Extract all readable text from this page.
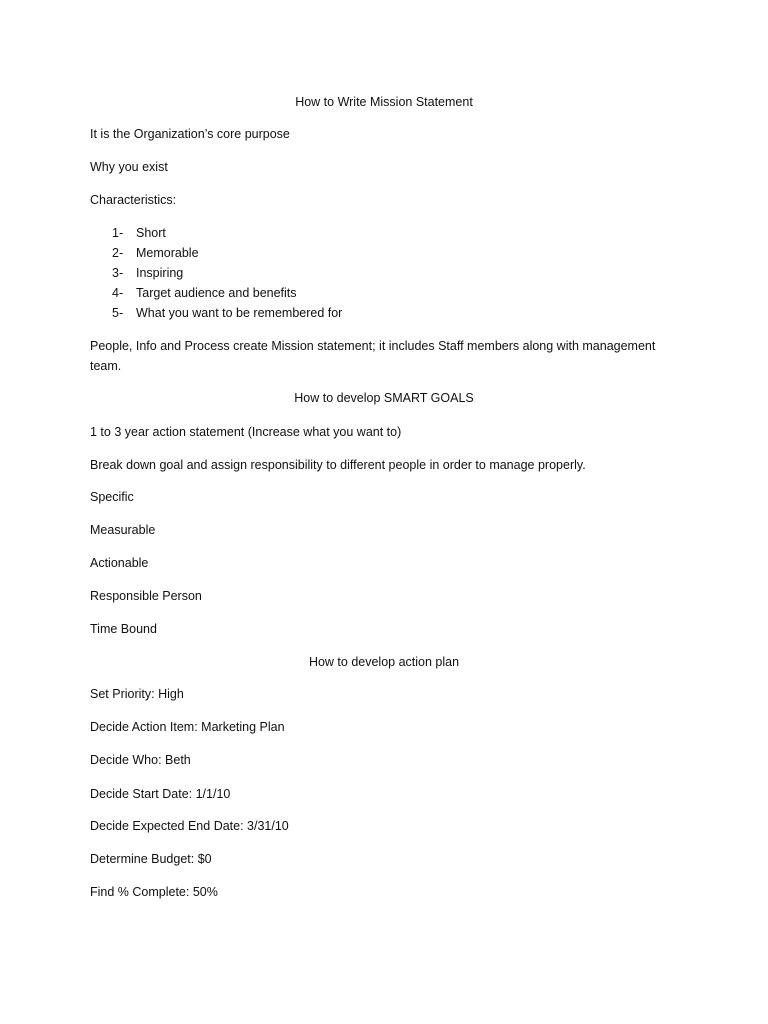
How to Write Mission Statement
It is the Organization’s core purpose
Why you exist
Characteristics:
1- Short
2- Memorable
3- Inspiring
4- Target audience and benefits
5- What you want to be remembered for
People, Info and Process create Mission statement; it includes Staff members along with management team.
How to develop SMART GOALS
1 to 3 year action statement (Increase what you want to)
Break down goal and assign responsibility to different people in order to manage properly.
Specific
Measurable
Actionable
Responsible Person
Time Bound
How to develop action plan
Set Priority: High
Decide Action Item: Marketing Plan
Decide Who: Beth
Decide Start Date: 1/1/10
Decide Expected End Date: 3/31/10
Determine Budget: $0
Find % Complete: 50%
